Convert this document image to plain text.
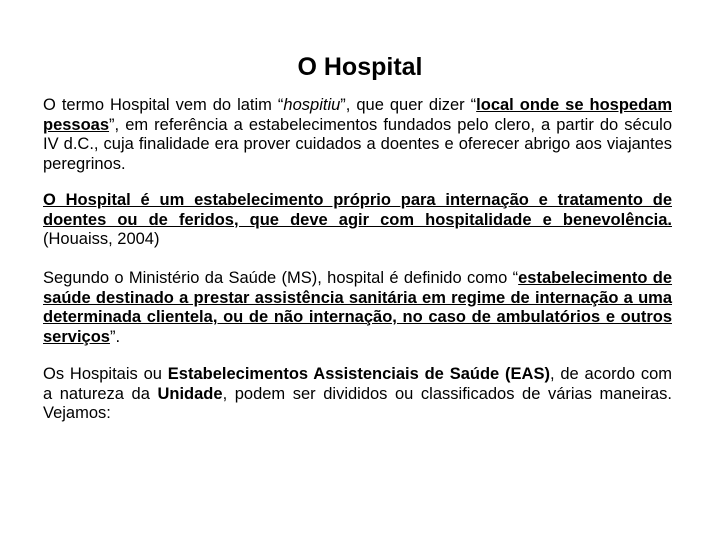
O Hospital

O termo Hospital vem do latim “hospitiu”, que quer dizer “local onde se hospedam pessoas”, em referência a estabelecimentos fundados pelo clero, a partir do século IV d.C., cuja finalidade era prover cuidados a doentes e oferecer abrigo aos viajantes peregrinos.

O Hospital é um estabelecimento próprio para internação e tratamento de doentes ou de feridos, que deve agir com hospitalidade e benevolência. (Houaiss, 2004)

Segundo o Ministério da Saúde (MS), hospital é definido como “estabelecimento de saúde destinado a prestar assistência sanitária em regime de internação a uma determinada clientela, ou de não internação, no caso de ambulatórios e outros serviços”.

Os Hospitais ou Estabelecimentos Assistenciais de Saúde (EAS), de acordo com a natureza da Unidade, podem ser divididos ou classificados de várias maneiras. Vejamos:
